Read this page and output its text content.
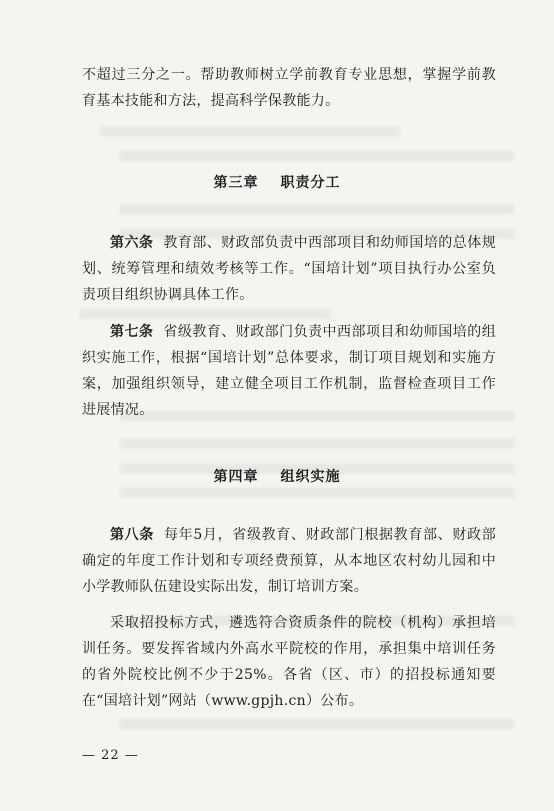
不超过三分之一。帮助教师树立学前教育专业思想，掌握学前教育基本技能和方法，提高科学保教能力。

第三章 职责分工

第六条 教育部、财政部负责中西部项目和幼师国培的总体规划、统筹管理和绩效考核等工作。“国培计划”项目执行办公室负责项目组织协调具体工作。

第七条 省级教育、财政部门负责中西部项目和幼师国培的组织实施工作，根据“国培计划”总体要求，制订项目规划和实施方案，加强组织领导，建立健全项目工作机制，监督检查项目工作进展情况。

第四章 组织实施

第八条 每年5月，省级教育、财政部门根据教育部、财政部确定的年度工作计划和专项经费预算，从本地区农村幼儿园和中小学教师队伍建设实际出发，制订培训方案。

采取招投标方式，遴选符合资质条件的院校（机构）承担培训任务。要发挥省域内外高水平院校的作用，承担集中培训任务的省外院校比例不少于25%。各省（区、市）的招投标通知要在“国培计划”网站（www.gpjh.cn）公布。

— 22 —
